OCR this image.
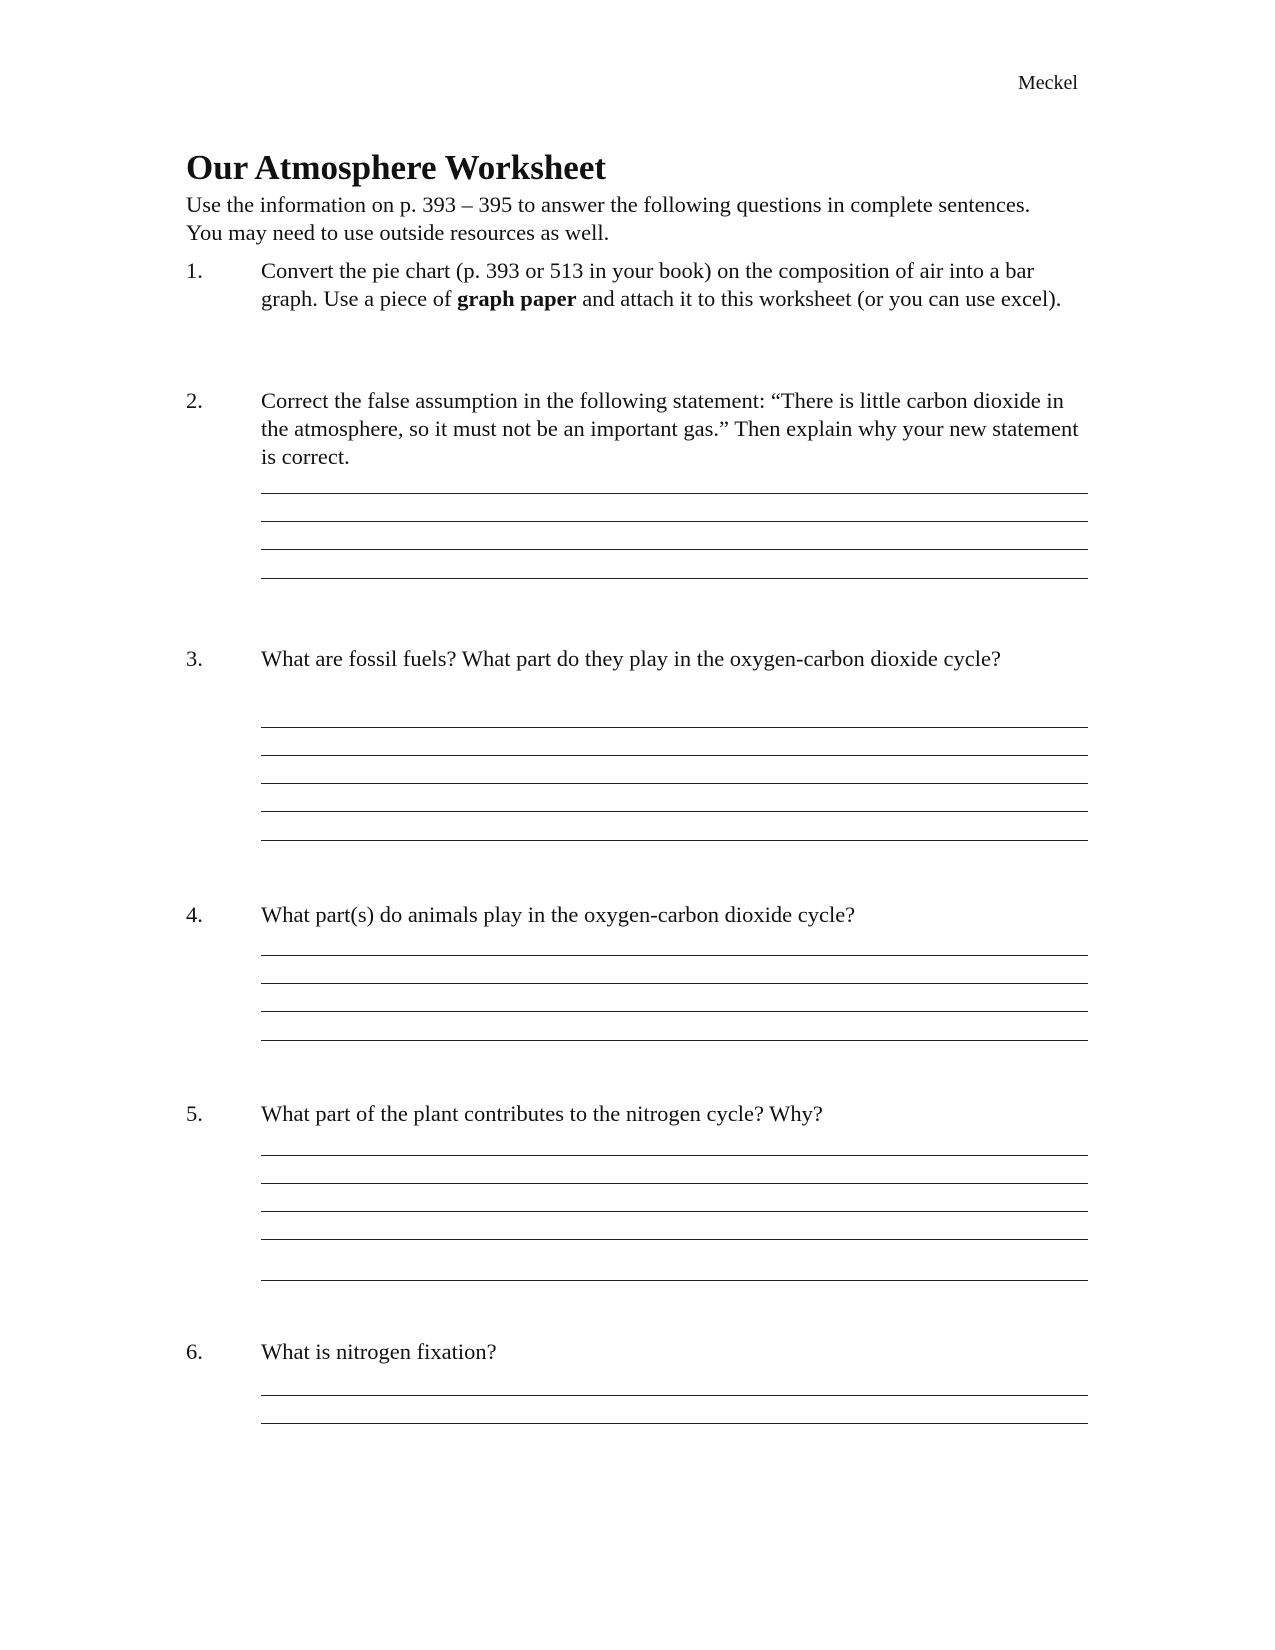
Meckel
Our Atmosphere Worksheet

Use the information on p. 393 – 395 to answer the following questions in complete sentences. You may need to use outside resources as well.

1.	Convert the pie chart (p. 393 or 513 in your book) on the composition of air into a bar graph. Use a piece of graph paper and attach it to this worksheet (or you can use excel).
2.	Correct the false assumption in the following statement: “There is little carbon dioxide in the atmosphere, so it must not be an important gas.” Then explain why your new statement is correct.
3.	What are fossil fuels? What part do they play in the oxygen-carbon dioxide cycle?
4.	What part(s) do animals play in the oxygen-carbon dioxide cycle?
5.	What part of the plant contributes to the nitrogen cycle? Why?
6.	What is nitrogen fixation?
